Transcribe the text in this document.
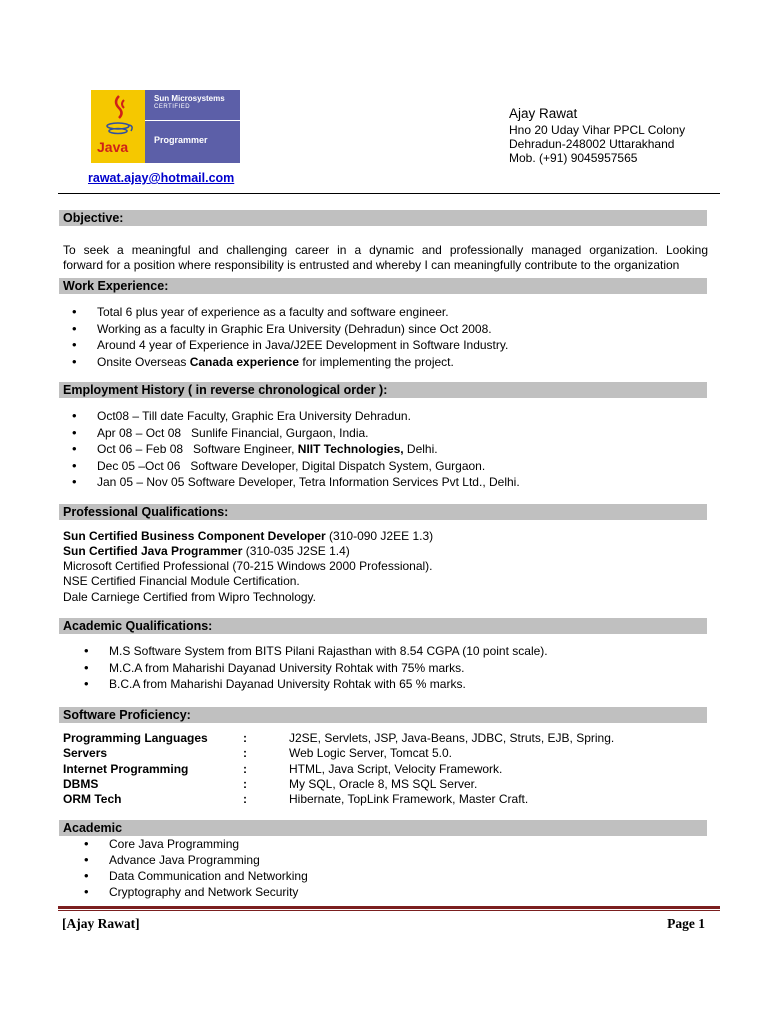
Java
Sun Microsystems
CERTIFIED
Programmer
rawat.ajay@hotmail.com
Ajay Rawat
Hno 20 Uday Vihar PPCL Colony
Dehradun-248002 Uttarakhand
Mob. (+91) 9045957565
Objective:
To seek a meaningful and challenging career in a dynamic and professionally managed organization. Looking
forward for a position where responsibility is entrusted and whereby I can meaningfully contribute to the organization
Work Experience:
• Total 6 plus year of experience as a faculty and software engineer.
• Working as a faculty in Graphic Era University (Dehradun) since Oct 2008.
• Around 4 year of Experience in Java/J2EE Development in Software Industry.
• Onsite Overseas Canada experience for implementing the project.
Employment History ( in reverse chronological order ):
• Oct08 – Till date Faculty, Graphic Era University Dehradun.
• Apr 08 – Oct 08   Sunlife Financial, Gurgaon, India.
• Oct 06 – Feb 08   Software Engineer, NIIT Technologies, Delhi.
• Dec 05 –Oct 06   Software Developer, Digital Dispatch System, Gurgaon.
• Jan 05 – Nov 05 Software Developer, Tetra Information Services Pvt Ltd., Delhi.
Professional Qualifications:
Sun Certified Business Component Developer (310-090 J2EE 1.3)
Sun Certified Java Programmer (310-035 J2SE 1.4)
Microsoft Certified Professional (70-215 Windows 2000 Professional).
NSE Certified Financial Module Certification.
Dale Carniege Certified from Wipro Technology.
Academic Qualifications:
• M.S Software System from BITS Pilani Rajasthan with 8.54 CGPA (10 point scale).
• M.C.A from Maharishi Dayanad University Rohtak with 75% marks.
• B.C.A from Maharishi Dayanad University Rohtak with 65 % marks.
Software Proficiency:
Programming Languages	:	J2SE, Servlets, JSP, Java-Beans, JDBC, Struts, EJB, Spring.
Servers	:	Web Logic Server, Tomcat 5.0.
Internet Programming	:	HTML, Java Script, Velocity Framework.
DBMS	:	My SQL, Oracle 8, MS SQL Server.
ORM Tech	:	Hibernate, TopLink Framework, Master Craft.
Academic
• Core Java Programming
• Advance Java Programming
• Data Communication and Networking
• Cryptography and Network Security
[Ajay Rawat]	Page 1
